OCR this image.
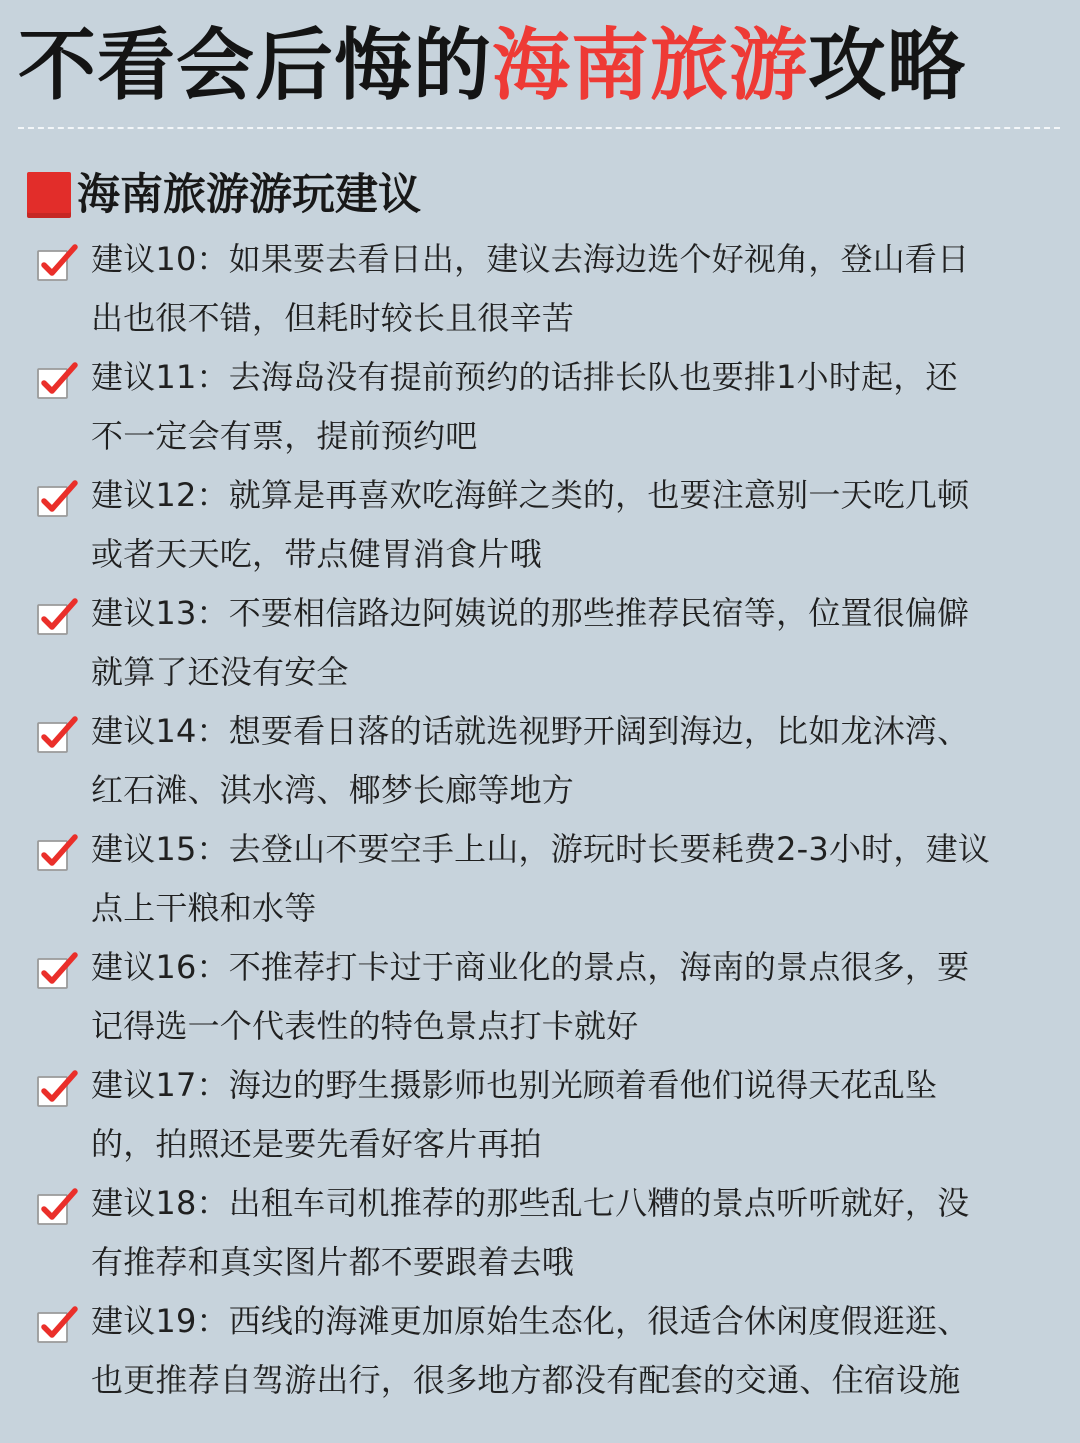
不看会后悔的海南旅游攻略
海南旅游游玩建议

建议10：如果要去看日出，建议去海边选个好视角，登山看日
出也很不错，但耗时较长且很辛苦

建议11：去海岛没有提前预约的话排长队也要排1小时起，还
不一定会有票，提前预约吧

建议12：就算是再喜欢吃海鲜之类的，也要注意别一天吃几顿
或者天天吃，带点健胃消食片哦

建议13：不要相信路边阿姨说的那些推荐民宿等，位置很偏僻
就算了还没有安全

建议14：想要看日落的话就选视野开阔到海边，比如龙沐湾、
红石滩、淇水湾、椰梦长廊等地方

建议15：去登山不要空手上山，游玩时长要耗费2-3小时，建议
点上干粮和水等

建议16：不推荐打卡过于商业化的景点，海南的景点很多，要
记得选一个代表性的特色景点打卡就好

建议17：海边的野生摄影师也别光顾着看他们说得天花乱坠
的，拍照还是要先看好客片再拍

建议18：出租车司机推荐的那些乱七八糟的景点听听就好，没
有推荐和真实图片都不要跟着去哦

建议19：西线的海滩更加原始生态化，很适合休闲度假逛逛、
也更推荐自驾游出行，很多地方都没有配套的交通、住宿设施
